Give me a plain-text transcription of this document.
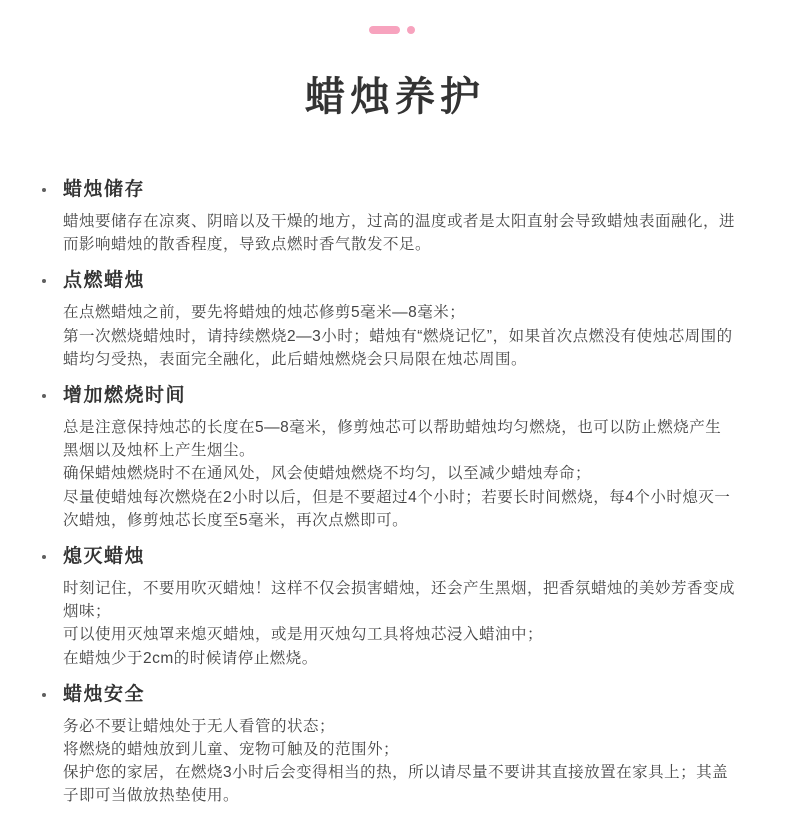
蜡烛养护
蜡烛储存

蜡烛要储存在凉爽、阴暗以及干燥的地方，过高的温度或者是太阳直射会导致蜡烛表面融化，进而影响蜡烛的散香程度，导致点燃时香气散发不足。

点燃蜡烛

在点燃蜡烛之前，要先将蜡烛的烛芯修剪5毫米—8毫米；

第一次燃烧蜡烛时，请持续燃烧2—3小时；蜡烛有“燃烧记忆”，如果首次点燃没有使烛芯周围的蜡均匀受热，表面完全融化，此后蜡烛燃烧会只局限在烛芯周围。

增加燃烧时间

总是注意保持烛芯的长度在5—8毫米，修剪烛芯可以帮助蜡烛均匀燃烧，也可以防止燃烧产生黑烟以及烛杯上产生烟尘。

确保蜡烛燃烧时不在通风处，风会使蜡烛燃烧不均匀，以至减少蜡烛寿命；

尽量使蜡烛每次燃烧在2小时以后，但是不要超过4个小时；若要长时间燃烧，每4个小时熄灭一次蜡烛，修剪烛芯长度至5毫米，再次点燃即可。

熄灭蜡烛

时刻记住，不要用吹灭蜡烛！这样不仅会损害蜡烛，还会产生黑烟，把香氛蜡烛的美妙芳香变成烟味；

可以使用灭烛罩来熄灭蜡烛，或是用灭烛勾工具将烛芯浸入蜡油中；

在蜡烛少于2cm的时候请停止燃烧。

蜡烛安全

务必不要让蜡烛处于无人看管的状态；

将燃烧的蜡烛放到儿童、宠物可触及的范围外；

保护您的家居，在燃烧3小时后会变得相当的热，所以请尽量不要讲其直接放置在家具上；其盖子即可当做放热垫使用。
